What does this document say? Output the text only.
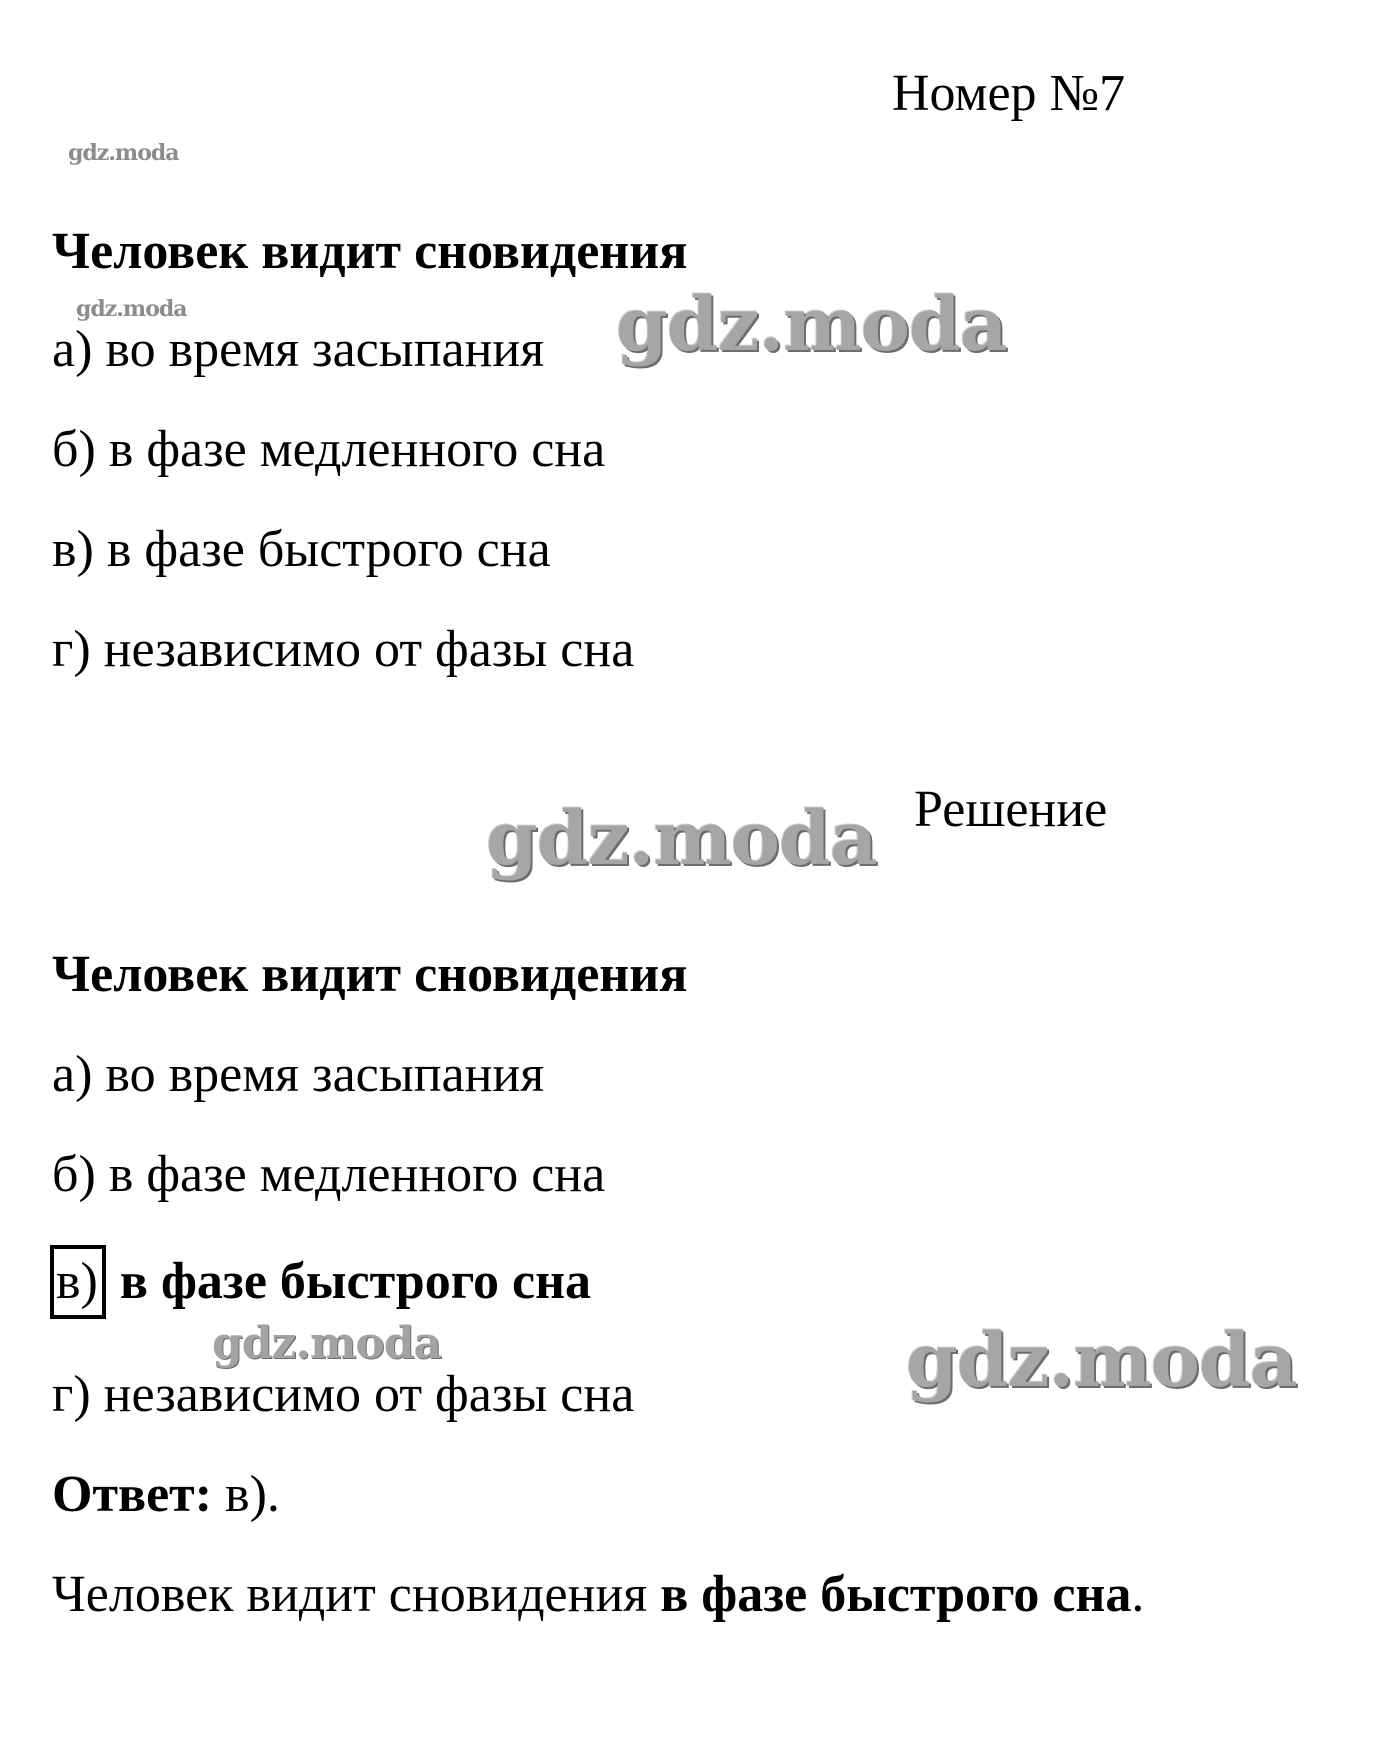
Номер №7
Человек видит сновидения
а) во время засыпания
б) в фазе медленного сна
в) в фазе быстрого сна
г) независимо от фазы сна
Решение
Человек видит сновидения
а) во время засыпания
б) в фазе медленного сна
в) в фазе быстрого сна
г) независимо от фазы сна
Ответ: в).
Человек видит сновидения в фазе быстрого сна.
gdz.moda
gdz.moda	gdz.moda
gdz.moda
gdz.moda	gdz.moda
